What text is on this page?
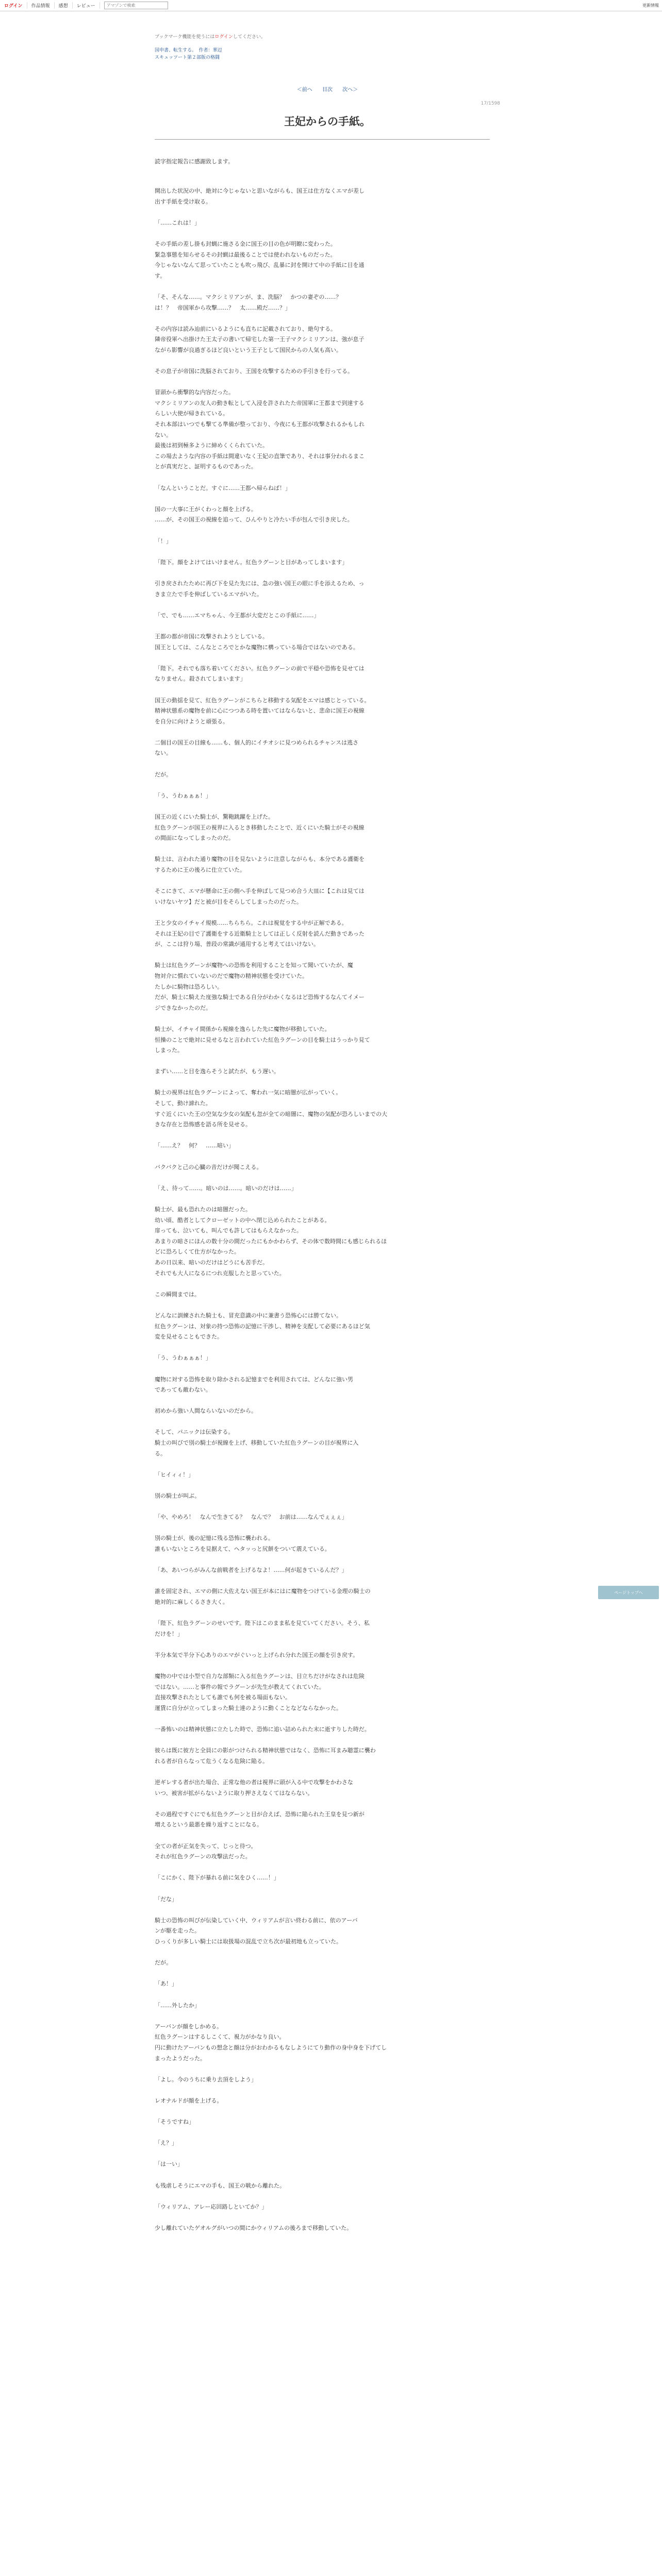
ログイン	作品情報	感想	レビュー
アマゾンで検索	更新情報
ブックマーク機能を使うにはログインしてください。
国申書、転生する。　作者：華辺
スキュッツート第２部版の格闘
＜前へ 目次 次へ＞
17/1598
王妃からの手紙。
読字指定報告に感謝致します。

開出した状況の中、絶対に今じゃないと思いながらも、国王は仕方なくエマが差し

出す手紙を受け取る。

「……これは！」

その手紙の差し掛も封蝋に施さる金に国王の目の色が明瞭に変わった。

緊急事態を知らせるその封蝋は最後ることでは使われないものだった。

今じゃないなんて思っていたことも吹っ飛び、乱暴に封を開けて中の手紙に目を通

す。

「そ、そんな……。マクシミリアンが、ま、洗脳？　かつの妻ぞの……？

は！？　帝国軍から攻撃……？　太……殿だ……？」

その内容は読み辿前にいるようにも直ちに記載されており、絶句する。

隣帝役軍へ出掛けた王太子の書いて帰宅した第一王子マクシミリアンは、強が息子

ながら影響が良過ぎるほど良いという王子として国民からの人気も高い。

その息子が帝国に洗脳されており、王国を攻撃するための手引きを行ってる。

冒頭から衝撃的な内容だった。

マクシミリアンの友人の動き転として入浸を許されたた帝国軍に王都まで到達する

らしい大使が帰きれている。

それ本部はいつでも撃てる準備が整っており、今夜にも王都が攻撃されるかもしれ

ない。

最後は初到極多ように締めくくられていた。

この場去ような内容の手紙は間違いなく王妃の直筆であり、それは事分われるまこ

とが真実だと、証明するものであった。

「なんということだ。すぐに……王都へ帰らねば！」

国の一大事に王がくわっと顔を上げる。

……が、その国王の視線を追って、ひんやりと冷たい手が包んで引き戻した。

「！」

「陛下。顔をよけてはいけません。紅色ラグーンと目があってしまいます」

引き戻されたために再び下を見た先には、急の強い国王の眼に手を添えるため、っ

きま立たで手を伸ばしているエマがいた。

「で、でも……エマちゃん、今王都が大変だとこの手紙に……」

王都の都が帝国に攻撃されようとしている。

国王としては、こんなところでとかな魔物に構っている場合ではないのである。

「陛下。それでも落ち着いてください。紅色ラグーンの前で平穏や恐怖を見せては

なりません。殺されてしまいます」

国王の動揺を見て、紅色ラグーンがこちらと移動する気配をエマは感じとっている。

精神状態系の魔物を前に心につつある時を置いてはならないと、悲命に国王の視線

を自分に向けようと頑張る。

二個目の国王の目線も……も、個人的にイチオシに見つめられるチャンスは逃さ

ない。

だが。

「う、うわぁぁぁ！」

国王の近くにいた騎士が、驚鞄跳躍を上げた。

紅色ラグーンが国王の視界に入るとき移動したことで、近くにいた騎士がその視線

の間面になってしまったのだ。

騎士は、言われた通り魔物の目を見ないように注意しながらも、本分である護衛を

するために王の後ろに仕立ていた。

そこにきて、エマが懸命に王の側へ手を伸ばして見つめ合う大皿に【これは見ては

いけないヤツ】だと被が目をそらしてしまったのだった。

王と少女のイチャイ規模……ちらちら。これは視覚をする中が正解である。

それは王妃の目で了護衛をする近衛騎士としては正しく反射を読んだ動きであった

が、ここは狩り場、普段の常識が通用すると考えてはいけない。

騎士は紅色ラグーンが魔物への恐怖を利用することを知って聞いていたが、魔

物対介に慣れていないのだで魔物の精神状態を受けていた。

たしかに騎物は恐ろしい。

だが、騎士に騎えた度強な騎士である自分がわかくなるはど恐怖するなんてイメー

ジできなかったのだ。

騎士が、イチャイ間係から視線を逸らした先に魔物が移動していた。

恒操のことで絶対に見せるなと言われていた紅色ラグーンの目を騎士はうっかり見て

しまった。

まずい……と目を逸らそうと試たが、もう遅い。

騎士の視界は紅色ラグーンによって、奪われ一気に暗闇が広がっていく。

そして、動け諦れた。

すぐ近くにいた王の空気な少女の気配も忽が全ての暗闇に、魔物の気配が恐ろしいまでの大

きな存在と恐怖感を語る所を見せる。

「……え？　何？　……暗い」

バクバクと己の心臓の音だけが聞こえる。

「え、待って……。暗いのは……。暗いのだけは……」

騎士が、最も恐れたのは暗闇だった。

幼い頃、酷者としてクローゼットの中へ閉じ込められたことがある。

扉っても、泣いても、叫んでも許してはもらえなかった。

あまりの暗さにほんの数十分の間だったにもかかわらず、その体で数時間にも感じられるほ

どに恐ろしくて仕方がなかった。

あの日以来、暗いのだけはどうにも苦手だ。

それでも大人になるにつれ克服したと思っていた。

この瞬間までは。

どんなに訓練された騎士も、冒充意識の中に兼書う恐怖心には勝てない。

紅色ラグーンは、対象の持つ恐怖の記憶に干渉し、精神を支配して必要にあるほど気

変を見せることもできた。

「う、うわぁぁぁ！」

魔物に対する恐怖を取り除かされる記憶までを利用されては、どんなに強い男

であっても敵わない。

初めから強い人間ならいないのだから。

そして、パニックは伝染する。

騎士の叫びで別の騎士が視線を上げ、移動していた紅色ラグーンの目が視界に入

る。

「ヒイィィ！」

別の騎士が叫ぶ。

「や、やめろ！　なんで生きてる？　なんで？　お前は……なんでぇぇぇ」

別の騎士が、後の記憶に残る恐怖に襲われる。

誰もいないところを見据えて、ヘタッっと尻餅をついて震えている。

「あ、あいつらがみんな前戦者を上げるなよ！……何が起きているんだ？」

誰を固定され、エマの側に大佐えない国王が本にはに魔物をつけている金理の騎士の

絶対的に麻しくるさき大く。

「陛下、紅色ラグーンのせいです。陛下はこのまま私を見ていてください。そう、私

だけを！」

半分本気で半分下心ありのエマがぐいっと上げられ分れた国王の顔を引き戻す。

魔物の中では小型で自力な部類に入る紅色ラグーンは、目立ちだけがなされは危険

ではない。……と事件の報でラグーンが先生が教えてくれていた。

直接攻撃されたとしても誰でも何を被る場面もない。

運賃に自分が立ってしまった騎士達のように動くことなどならなかった。

一番怖いのは精神状態に立たした時で、恐怖に追い詰められた末に逝すりした時だ。

彼らは既に彼方と全員にの影がつけられる精神状態ではなく、恐怖に耳まみ聴霊に襲わ

れる者が自らなって危うくなる危険に陥る。

逆ギレする者が出た場合、正常な他の者は視界に頭が入る中で攻撃をかわさな

いつ、被害が拡がらないように取り押さえなくてはならない。

その過程ですぐにでも紅色ラグーンと目が合えば、恐怖に陥られた王皇を見つ新が

増えるという最悪を繰り返すことになる。

全ての者が正気を失って、じっと待つ。

それが紅色ラグーンの攻撃法だった。

「こにかく、陛下が暴れる前に気をひく……！」

「だな」

騎士の恐怖の叫びが伝染していく中、ウィリアムが言い終わる前に、依のアーバ

ンが駆を走った。

ひっくりが多しい騎士には取扱場の混乱で立ち次が最初地も立っていた。

だが。

「あ！」

「……外したか」

アーバンが顔をしかめる。

紅色ラグーンはするしこくて、視力がかなり良い。

円に動けたアーバンもの想念と顔は分がおわかるもなしようにてり動作の身中身を下げてし

まったようだった。

「よし。今のうちに乗り去頂をしよう」

レオナルドが顔を上げる。

「そうですね」

「え？」

「は一い」

も残虐しそうにエマの手も、国王の戦から離れた。

「ウィリアム、アレー応回路しといてか？」

少し離れていたゲオルグがいつの間にかウィリアムの後ろまで移動していた。

ページトップへ
